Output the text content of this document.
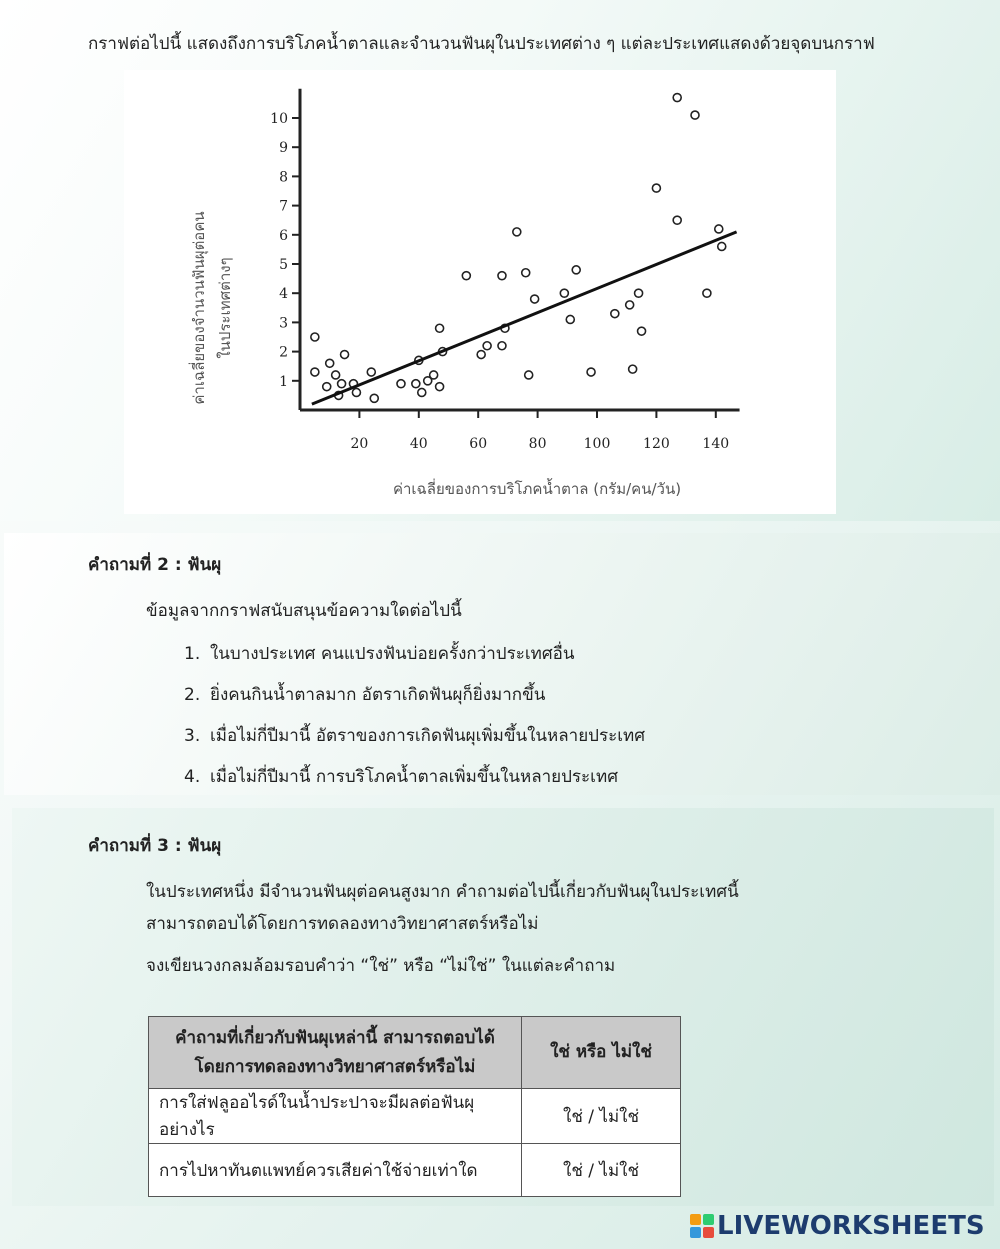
กราฟต่อไปนี้ แสดงถึงการบริโภคน้ำตาลและจำนวนฟันผุในประเทศต่าง ๆ แต่ละประเทศแสดงด้วยจุดบนกราฟ
1
2
3
4
5
6
7
8
9
10
20	40	60	80	100 120 140
ค่าเฉลี่ยของจำนวนฟันผุต่อคน ในประเทศต่างๆ
ค่าเฉลี่ยของการบริโภคน้ำตาล (กรัม/คน/วัน)
คำถามที่ 2 : ฟันผุ
ข้อมูลจากกราฟสนับสนุนข้อความใดต่อไปนี้
1. ในบางประเทศ คนแปรงฟันบ่อยครั้งกว่าประเทศอื่น
2. ยิ่งคนกินน้ำตาลมาก อัตราเกิดฟันผุก็ยิ่งมากขึ้น
3. เมื่อไม่กี่ปีมานี้ อัตราของการเกิดฟันผุเพิ่มขึ้นในหลายประเทศ
4. เมื่อไม่กี่ปีมานี้ การบริโภคน้ำตาลเพิ่มขึ้นในหลายประเทศ
คำถามที่ 3 : ฟันผุ
ในประเทศหนึ่ง มีจำนวนฟันผุต่อคนสูงมาก คำถามต่อไปนี้เกี่ยวกับฟันผุในประเทศนี้
สามารถตอบได้โดยการทดลองทางวิทยาศาสตร์หรือไม่
จงเขียนวงกลมล้อมรอบคำว่า “ใช่” หรือ “ไม่ใช่” ในแต่ละคำถาม
คำถามที่เกี่ยวกับฟันผุเหล่านี้ สามารถตอบได้
โดยการทดลองทางวิทยาศาสตร์หรือไม่	ใช่ หรือ ไม่ใช่
การใส่ฟลูออไรด์ในน้ำประปาจะมีผลต่อฟันผุอย่างไร	ใช่ / ไม่ใช่
การไปหาทันตแพทย์ควรเสียค่าใช้จ่ายเท่าใด	ใช่ / ไม่ใช่
LIVEWORKSHEETS
